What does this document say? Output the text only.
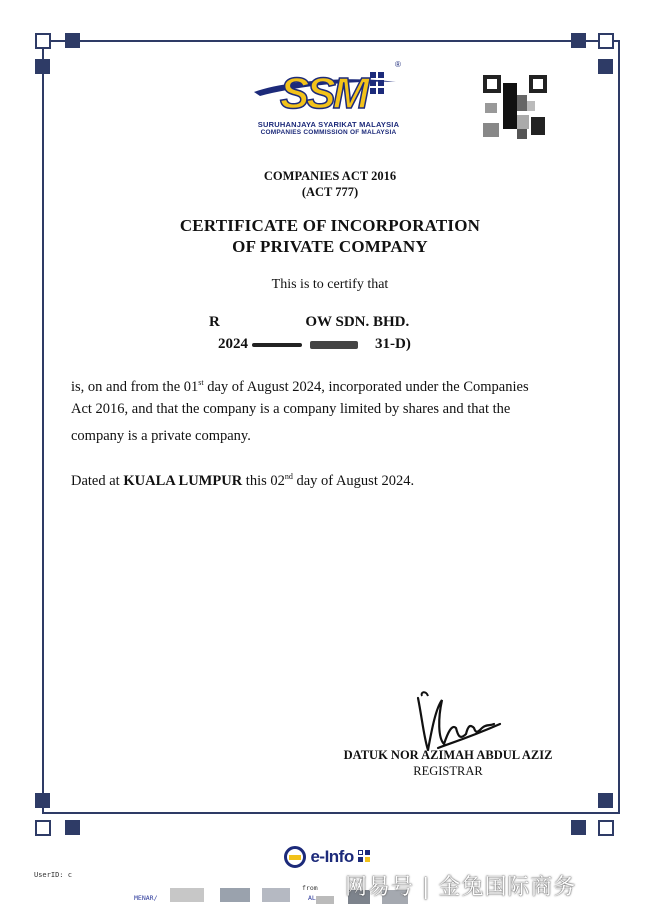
SSM
®
SURUHANJAYA SYARIKAT MALAYSIA
COMPANIES COMMISSION OF MALAYSIA
COMPANIES ACT 2016
(ACT 777)
CERTIFICATE OF INCORPORATION
OF PRIVATE COMPANY
This is to certify that
R	OW SDN. BHD.
2024	31-D)
is, on and from the 01st day of August 2024, incorporated under the Companies
Act 2016, and that the company is a company limited by shares and that the
company is a private company.
Dated at KUALA LUMPUR this 02nd day of August 2024.
DATUK NOR AZIMAH ABDUL AZIZ
REGISTRAR
e-Info
UserID: c
MENAR/
from
AL 网易号 | 金兔国际商务
